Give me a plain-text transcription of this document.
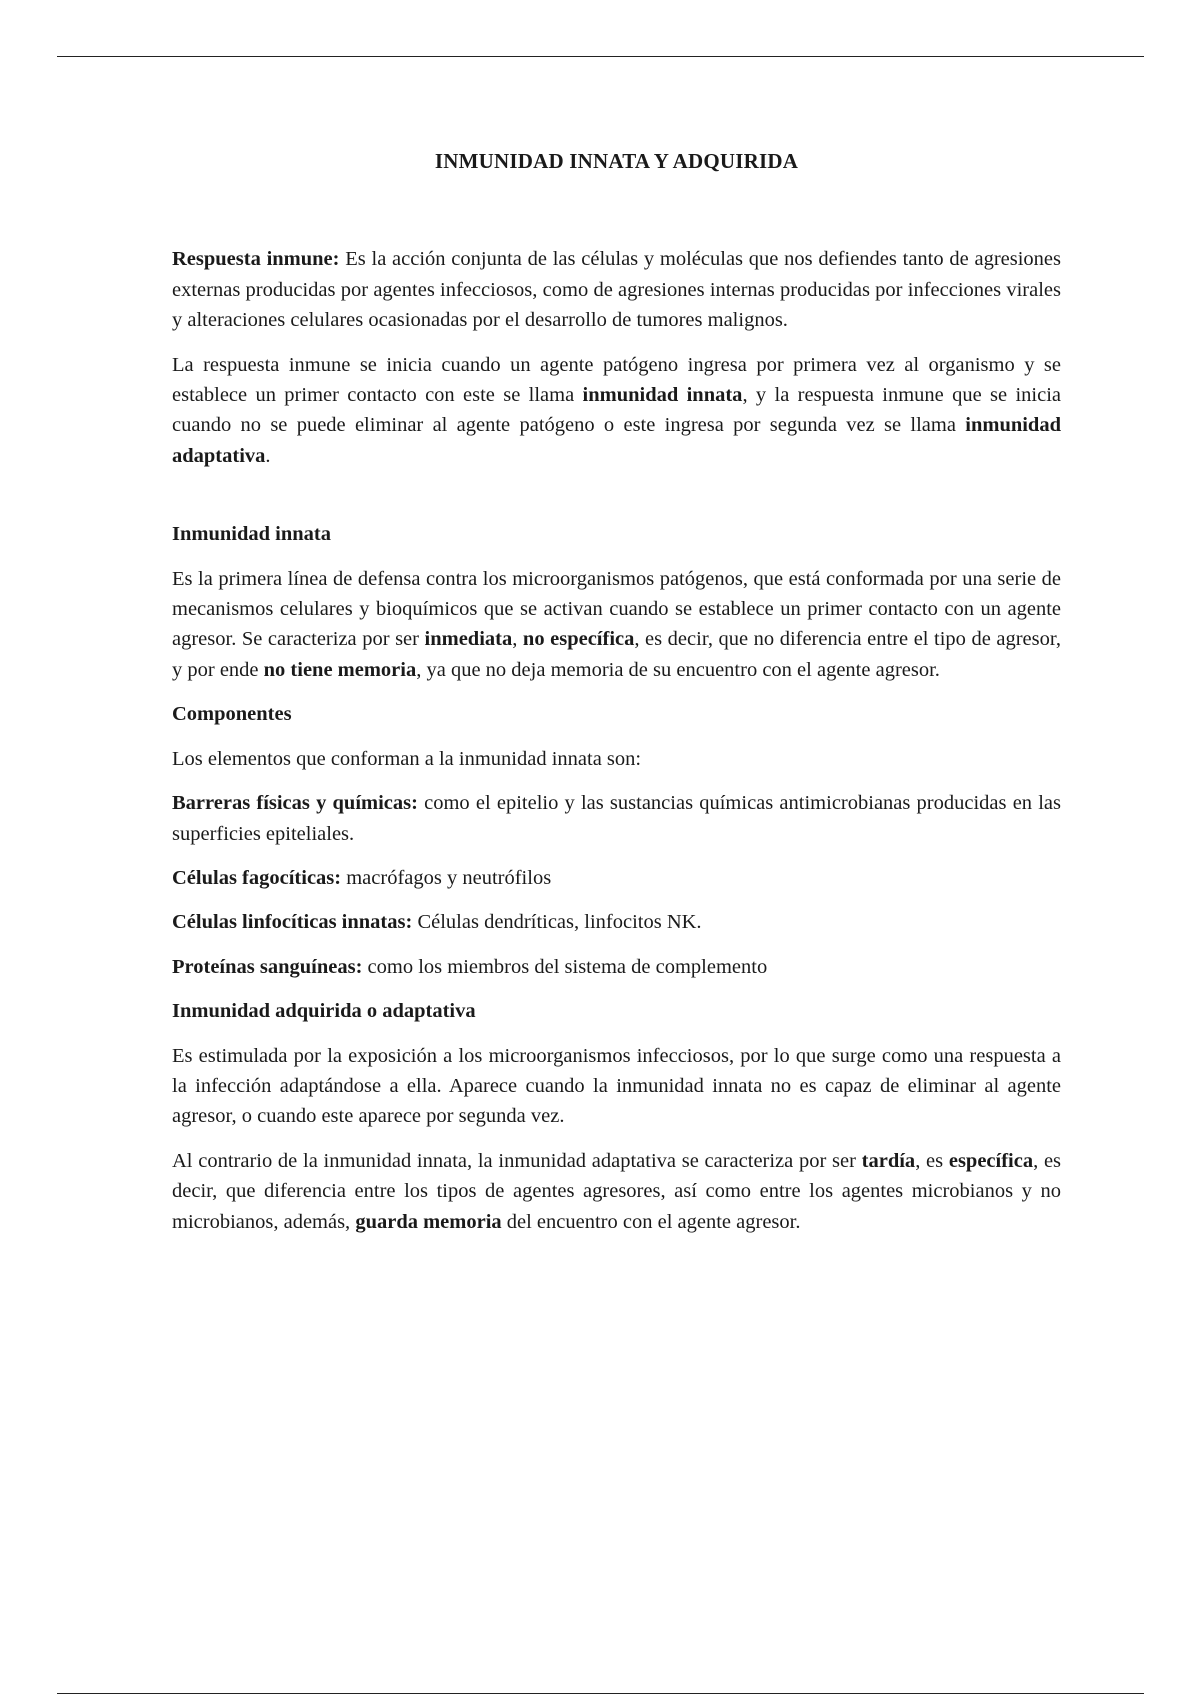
INMUNIDAD INNATA Y ADQUIRIDA

Respuesta inmune: Es la acción conjunta de las células y moléculas que nos defiendes tanto de agresiones externas producidas por agentes infecciosos, como de agresiones internas producidas por infecciones virales y alteraciones celulares ocasionadas por el desarrollo de tumores malignos.

La respuesta inmune se inicia cuando un agente patógeno ingresa por primera vez al organismo y se establece un primer contacto con este se llama inmunidad innata, y la respuesta inmune que se inicia cuando no se puede eliminar al agente patógeno o este ingresa por segunda vez se llama inmunidad adaptativa.

Inmunidad innata

Es la primera línea de defensa contra los microorganismos patógenos, que está conformada por una serie de mecanismos celulares y bioquímicos que se activan cuando se establece un primer contacto con un agente agresor. Se caracteriza por ser inmediata, no específica, es decir, que no diferencia entre el tipo de agresor, y por ende no tiene memoria, ya que no deja memoria de su encuentro con el agente agresor.

Componentes

Los elementos que conforman a la inmunidad innata son:

Barreras físicas y químicas: como el epitelio y las sustancias químicas antimicrobianas producidas en las superficies epiteliales.

Células fagocíticas: macrófagos y neutrófilos

Células linfocíticas innatas: Células dendríticas, linfocitos NK.

Proteínas sanguíneas: como los miembros del sistema de complemento

Inmunidad adquirida o adaptativa

Es estimulada por la exposición a los microorganismos infecciosos, por lo que surge como una respuesta a la infección adaptándose a ella. Aparece cuando la inmunidad innata no es capaz de eliminar al agente agresor, o cuando este aparece por segunda vez.

Al contrario de la inmunidad innata, la inmunidad adaptativa se caracteriza por ser tardía, es específica, es decir, que diferencia entre los tipos de agentes agresores, así como entre los agentes microbianos y no microbianos, además, guarda memoria del encuentro con el agente agresor.
